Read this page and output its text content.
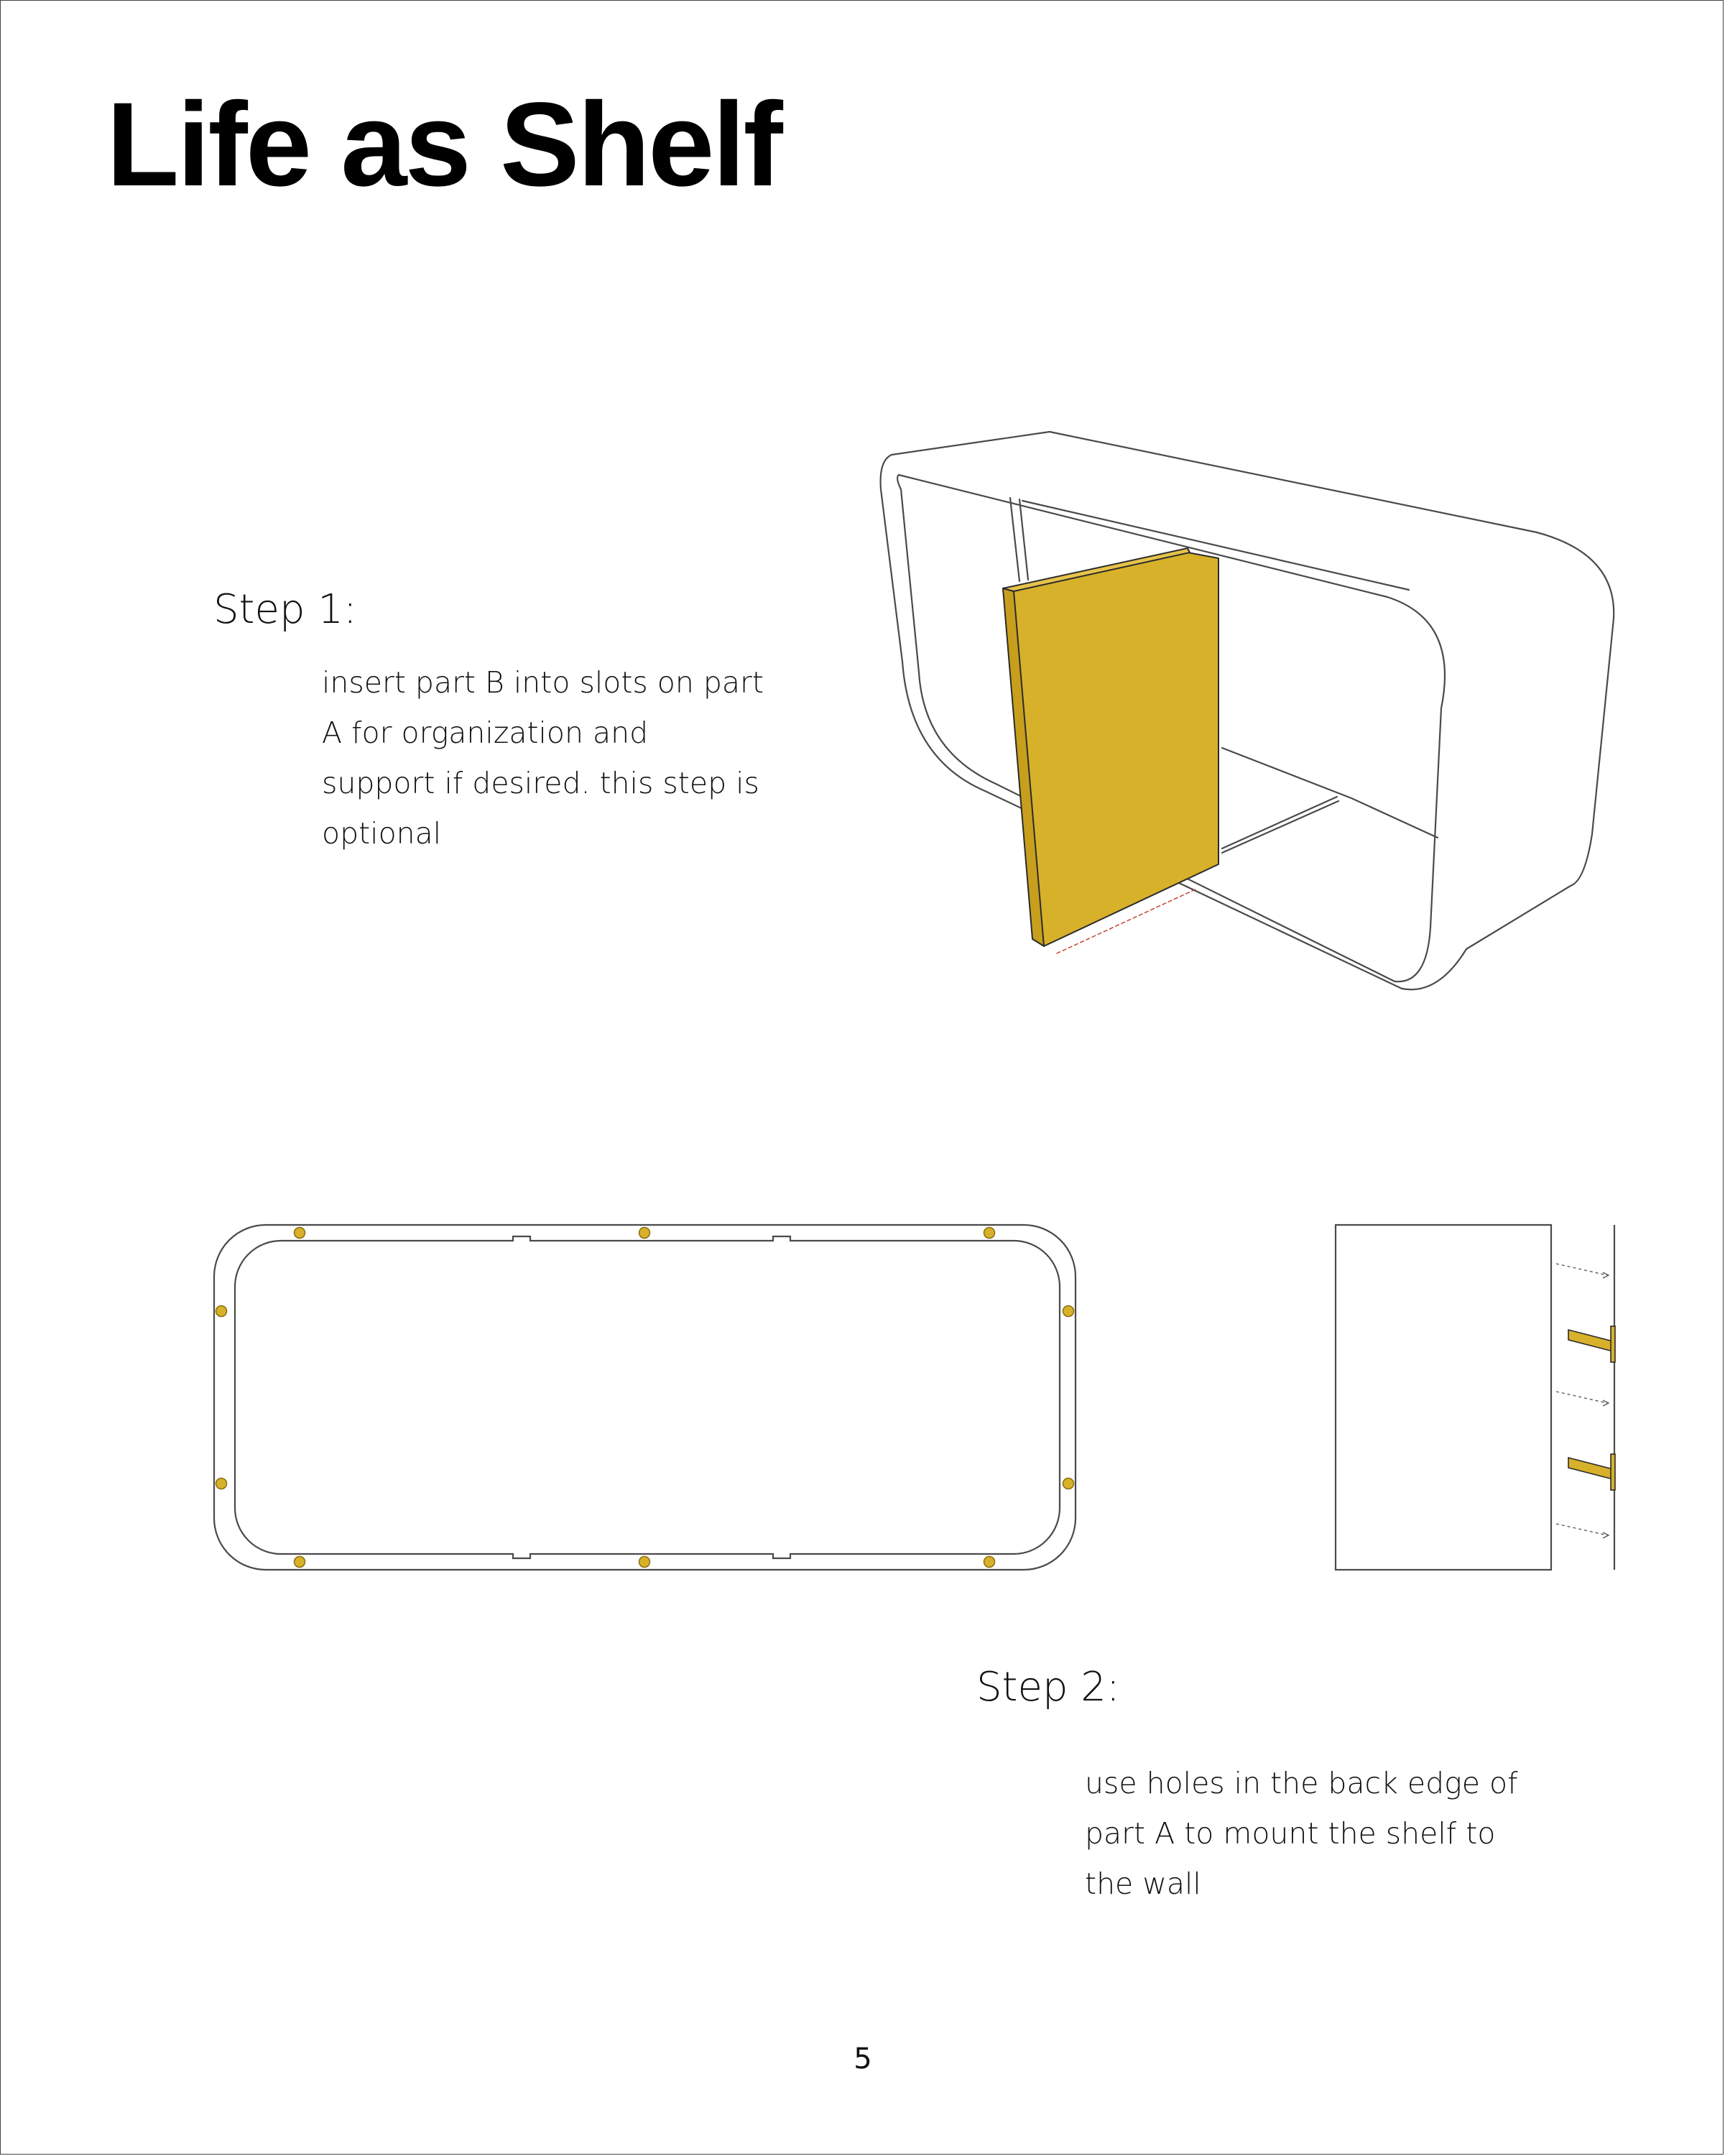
Life as Shelf
Step 1:
insert part B into slots on part
A for organization and
support if desired. this step is
optional
Step 2:
use holes in the back edge of
part A to mount the shelf to
the wall
5
